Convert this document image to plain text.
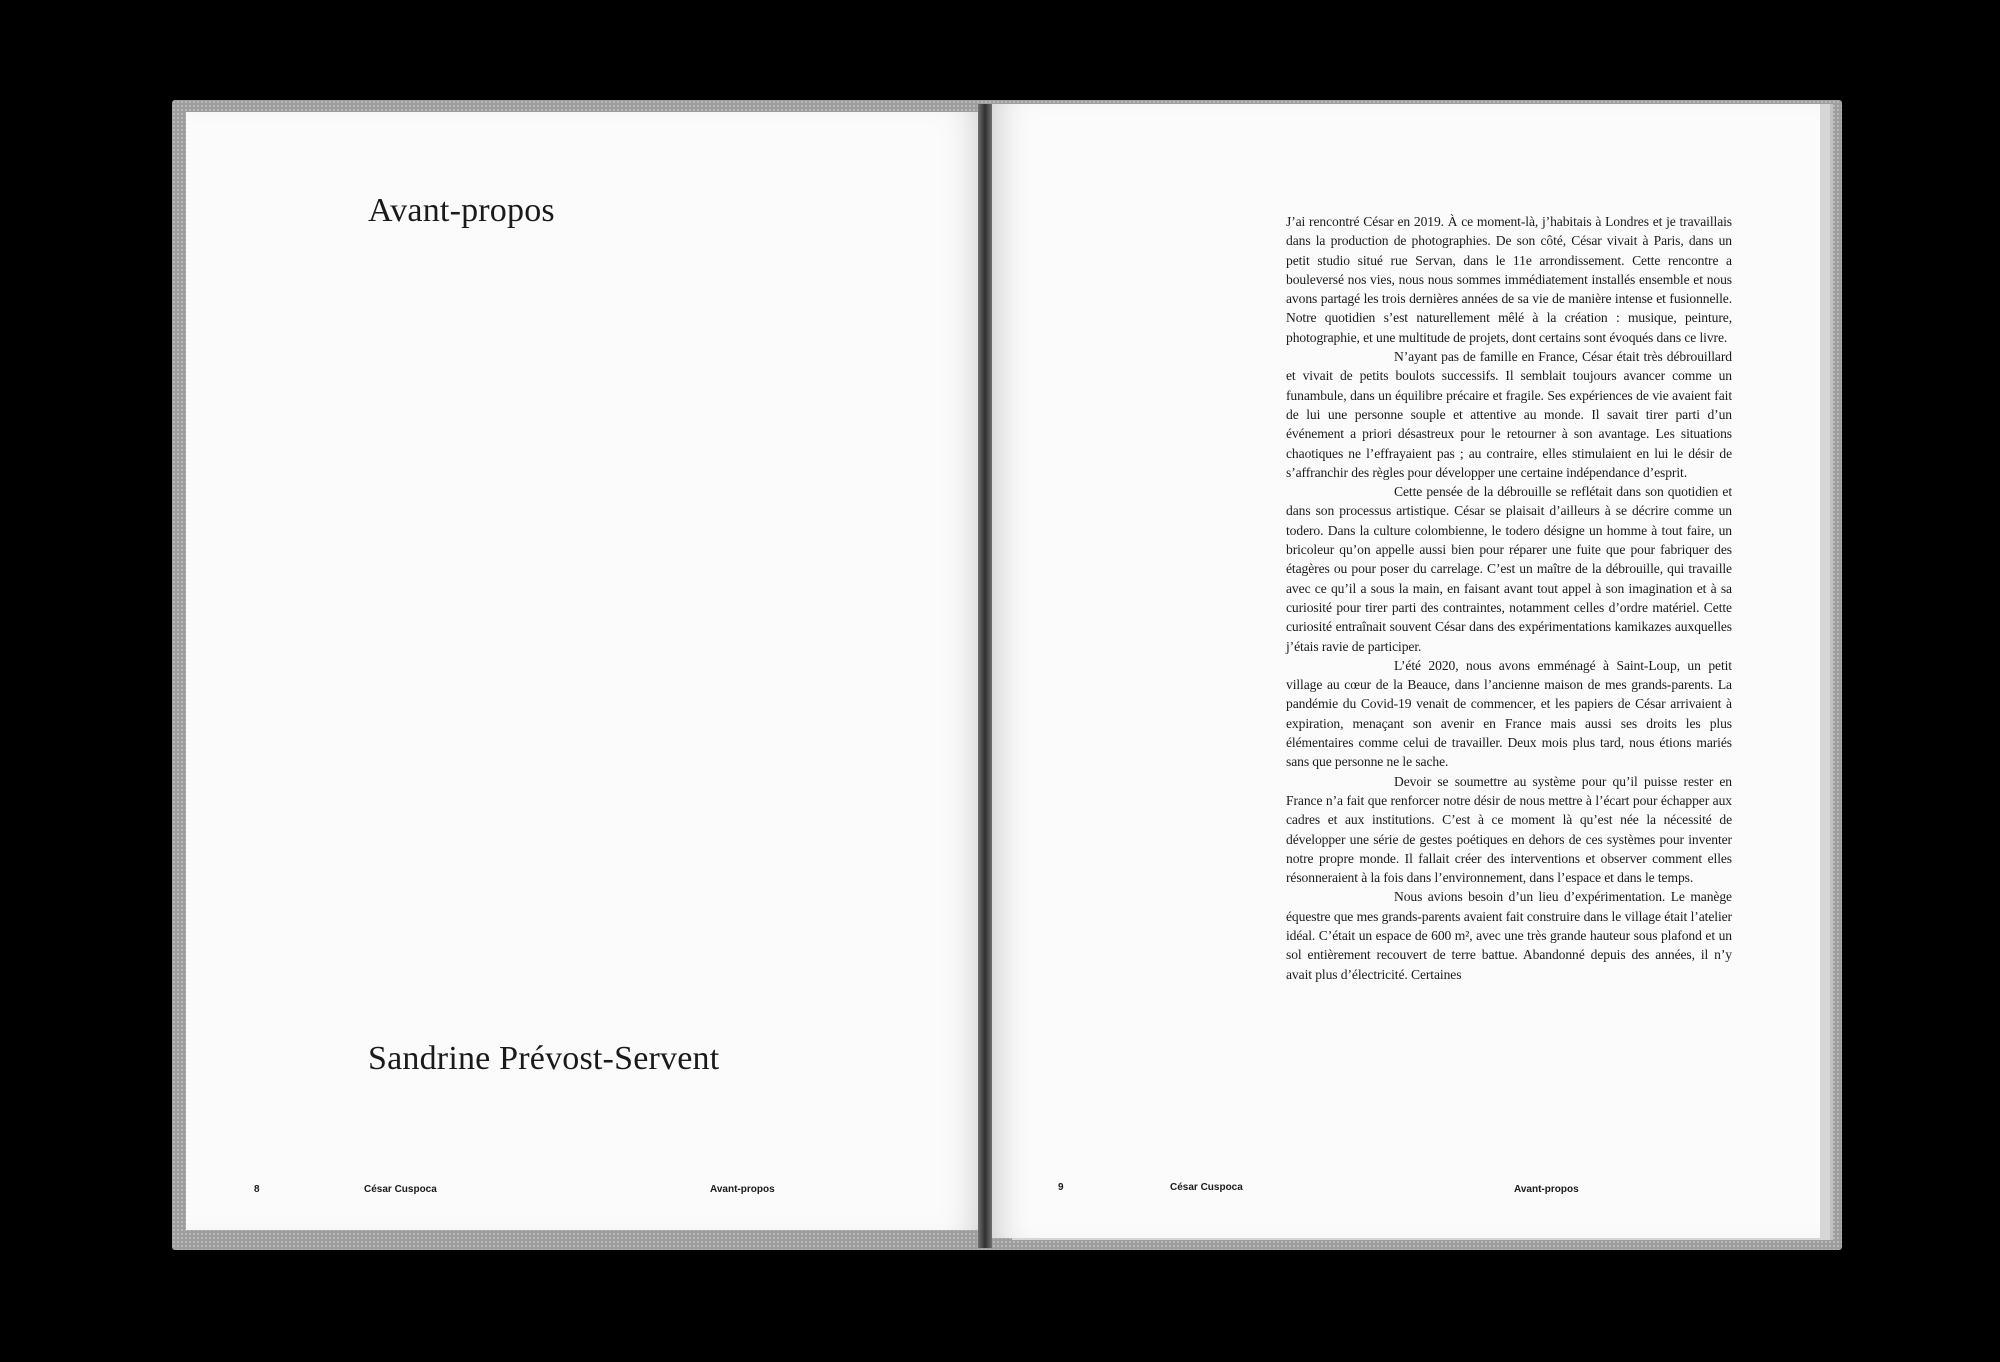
Avant-propos
Sandrine Prévost-Servent
8	César Cuspoca	Avant-propos

J’ai rencontré César en 2019. À ce moment-là, j’habitais à Londres et je travaillais dans la production de photographies. De son côté, César vivait à Paris, dans un petit studio situé rue Servan, dans le 11e arrondissement. Cette rencontre a bouleversé nos vies, nous nous sommes immédiatement installés ensemble et nous avons partagé les trois dernières années de sa vie de manière intense et fusionnelle. Notre quotidien s’est naturellement mêlé à la création : musique, peinture, photographie, et une multitude de projets, dont certains sont évoqués dans ce livre.

N’ayant pas de famille en France, César était très débrouillard et vivait de petits boulots successifs. Il semblait toujours avancer comme un funambule, dans un équilibre précaire et fragile. Ses expériences de vie avaient fait de lui une personne souple et attentive au monde. Il savait tirer parti d’un événement a priori désastreux pour le retourner à son avantage. Les situations chaotiques ne l’effrayaient pas ; au contraire, elles stimulaient en lui le désir de s’affranchir des règles pour développer une certaine indépendance d’esprit.

Cette pensée de la débrouille se reflétait dans son quotidien et dans son processus artistique. César se plaisait d’ailleurs à se décrire comme un todero. Dans la culture colombienne, le todero désigne un homme à tout faire, un bricoleur qu’on appelle aussi bien pour réparer une fuite que pour fabriquer des étagères ou pour poser du carrelage. C’est un maître de la débrouille, qui travaille avec ce qu’il a sous la main, en faisant avant tout appel à son imagination et à sa curiosité pour tirer parti des contraintes, notamment celles d’ordre matériel. Cette curiosité entraînait souvent César dans des expérimentations kamikazes auxquelles j’étais ravie de participer.

L’été 2020, nous avons emménagé à Saint-Loup, un petit village au cœur de la Beauce, dans l’ancienne maison de mes grands-parents. La pandémie du Covid-19 venait de commencer, et les papiers de César arrivaient à expiration, menaçant son avenir en France mais aussi ses droits les plus élémentaires comme celui de travailler. Deux mois plus tard, nous étions mariés sans que personne ne le sache.

Devoir se soumettre au système pour qu’il puisse rester en France n’a fait que renforcer notre désir de nous mettre à l’écart pour échapper aux cadres et aux institutions. C’est à ce moment là qu’est née la nécessité de développer une série de gestes poétiques en dehors de ces systèmes pour inventer notre propre monde. Il fallait créer des interventions et observer comment elles résonneraient à la fois dans l’environnement, dans l’espace et dans le temps.

Nous avions besoin d’un lieu d’expérimentation. Le manège équestre que mes grands-parents avaient fait construire dans le village était l’atelier idéal. C’était un espace de 600 m², avec une très grande hauteur sous plafond et un sol entièrement recouvert de terre battue. Abandonné depuis des années, il n’y avait plus d’électricité. Certaines

9	César Cuspoca	Avant-propos
